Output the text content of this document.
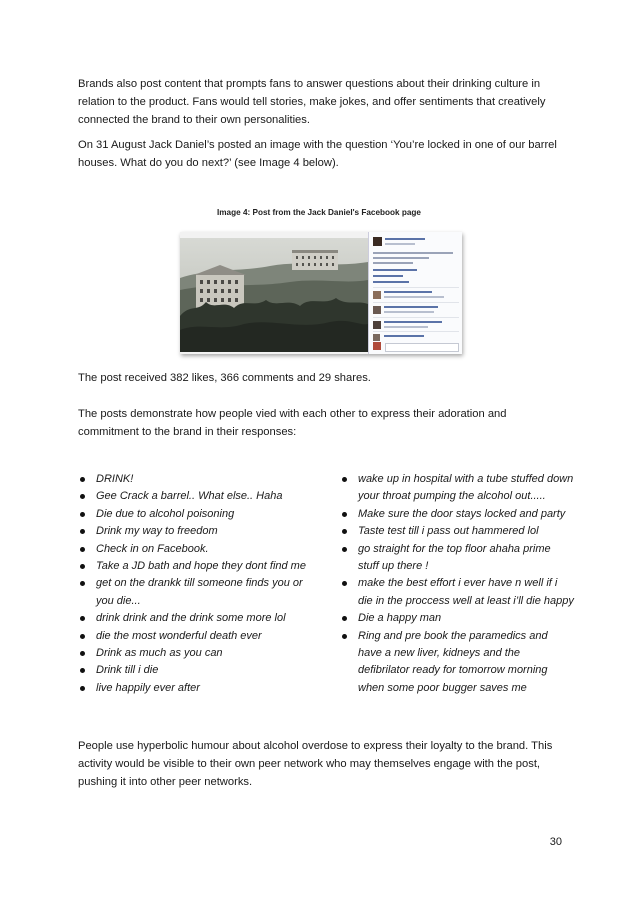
Brands also post content that prompts fans to answer questions about their drinking culture in relation to the product. Fans would tell stories, make jokes, and offer sentiments that creatively connected the brand to their own personalities.

On 31 August Jack Daniel’s posted an image with the question ‘You’re locked in one of our barrel houses. What do you do next?’ (see Image 4 below).

Image 4: Post from the Jack Daniel's Facebook page

The post received 382 likes, 366 comments and 29 shares.

The posts demonstrate how people vied with each other to express their adoration and commitment to the brand in their responses:

DRINK!
Gee Crack a barrel.. What else.. Haha
Die due to alcohol poisoning
Drink my way to freedom
Check in on Facebook.
Take a JD bath and hope they dont find me
get on the drankk till someone finds you or you die...
drink drink and the drink some more lol
die the most wonderful death ever
Drink as much as you can
Drink till i die
live happily ever after
wake up in hospital with a tube stuffed down your throat pumping the alcohol out.....
Make sure the door stays locked and party
Taste test till i pass out hammered lol
go straight for the top floor ahaha prime stuff up there !
make the best effort i ever have n well if i die in the proccess well at least i’ll die happy
Die a happy man
Ring and pre book the paramedics and have a new liver, kidneys and the defibrilator ready for tomorrow morning when some poor bugger saves me

People use hyperbolic humour about alcohol overdose to express their loyalty to the brand. This activity would be visible to their own peer network who may themselves engage with the post, pushing it into other peer networks.

30
